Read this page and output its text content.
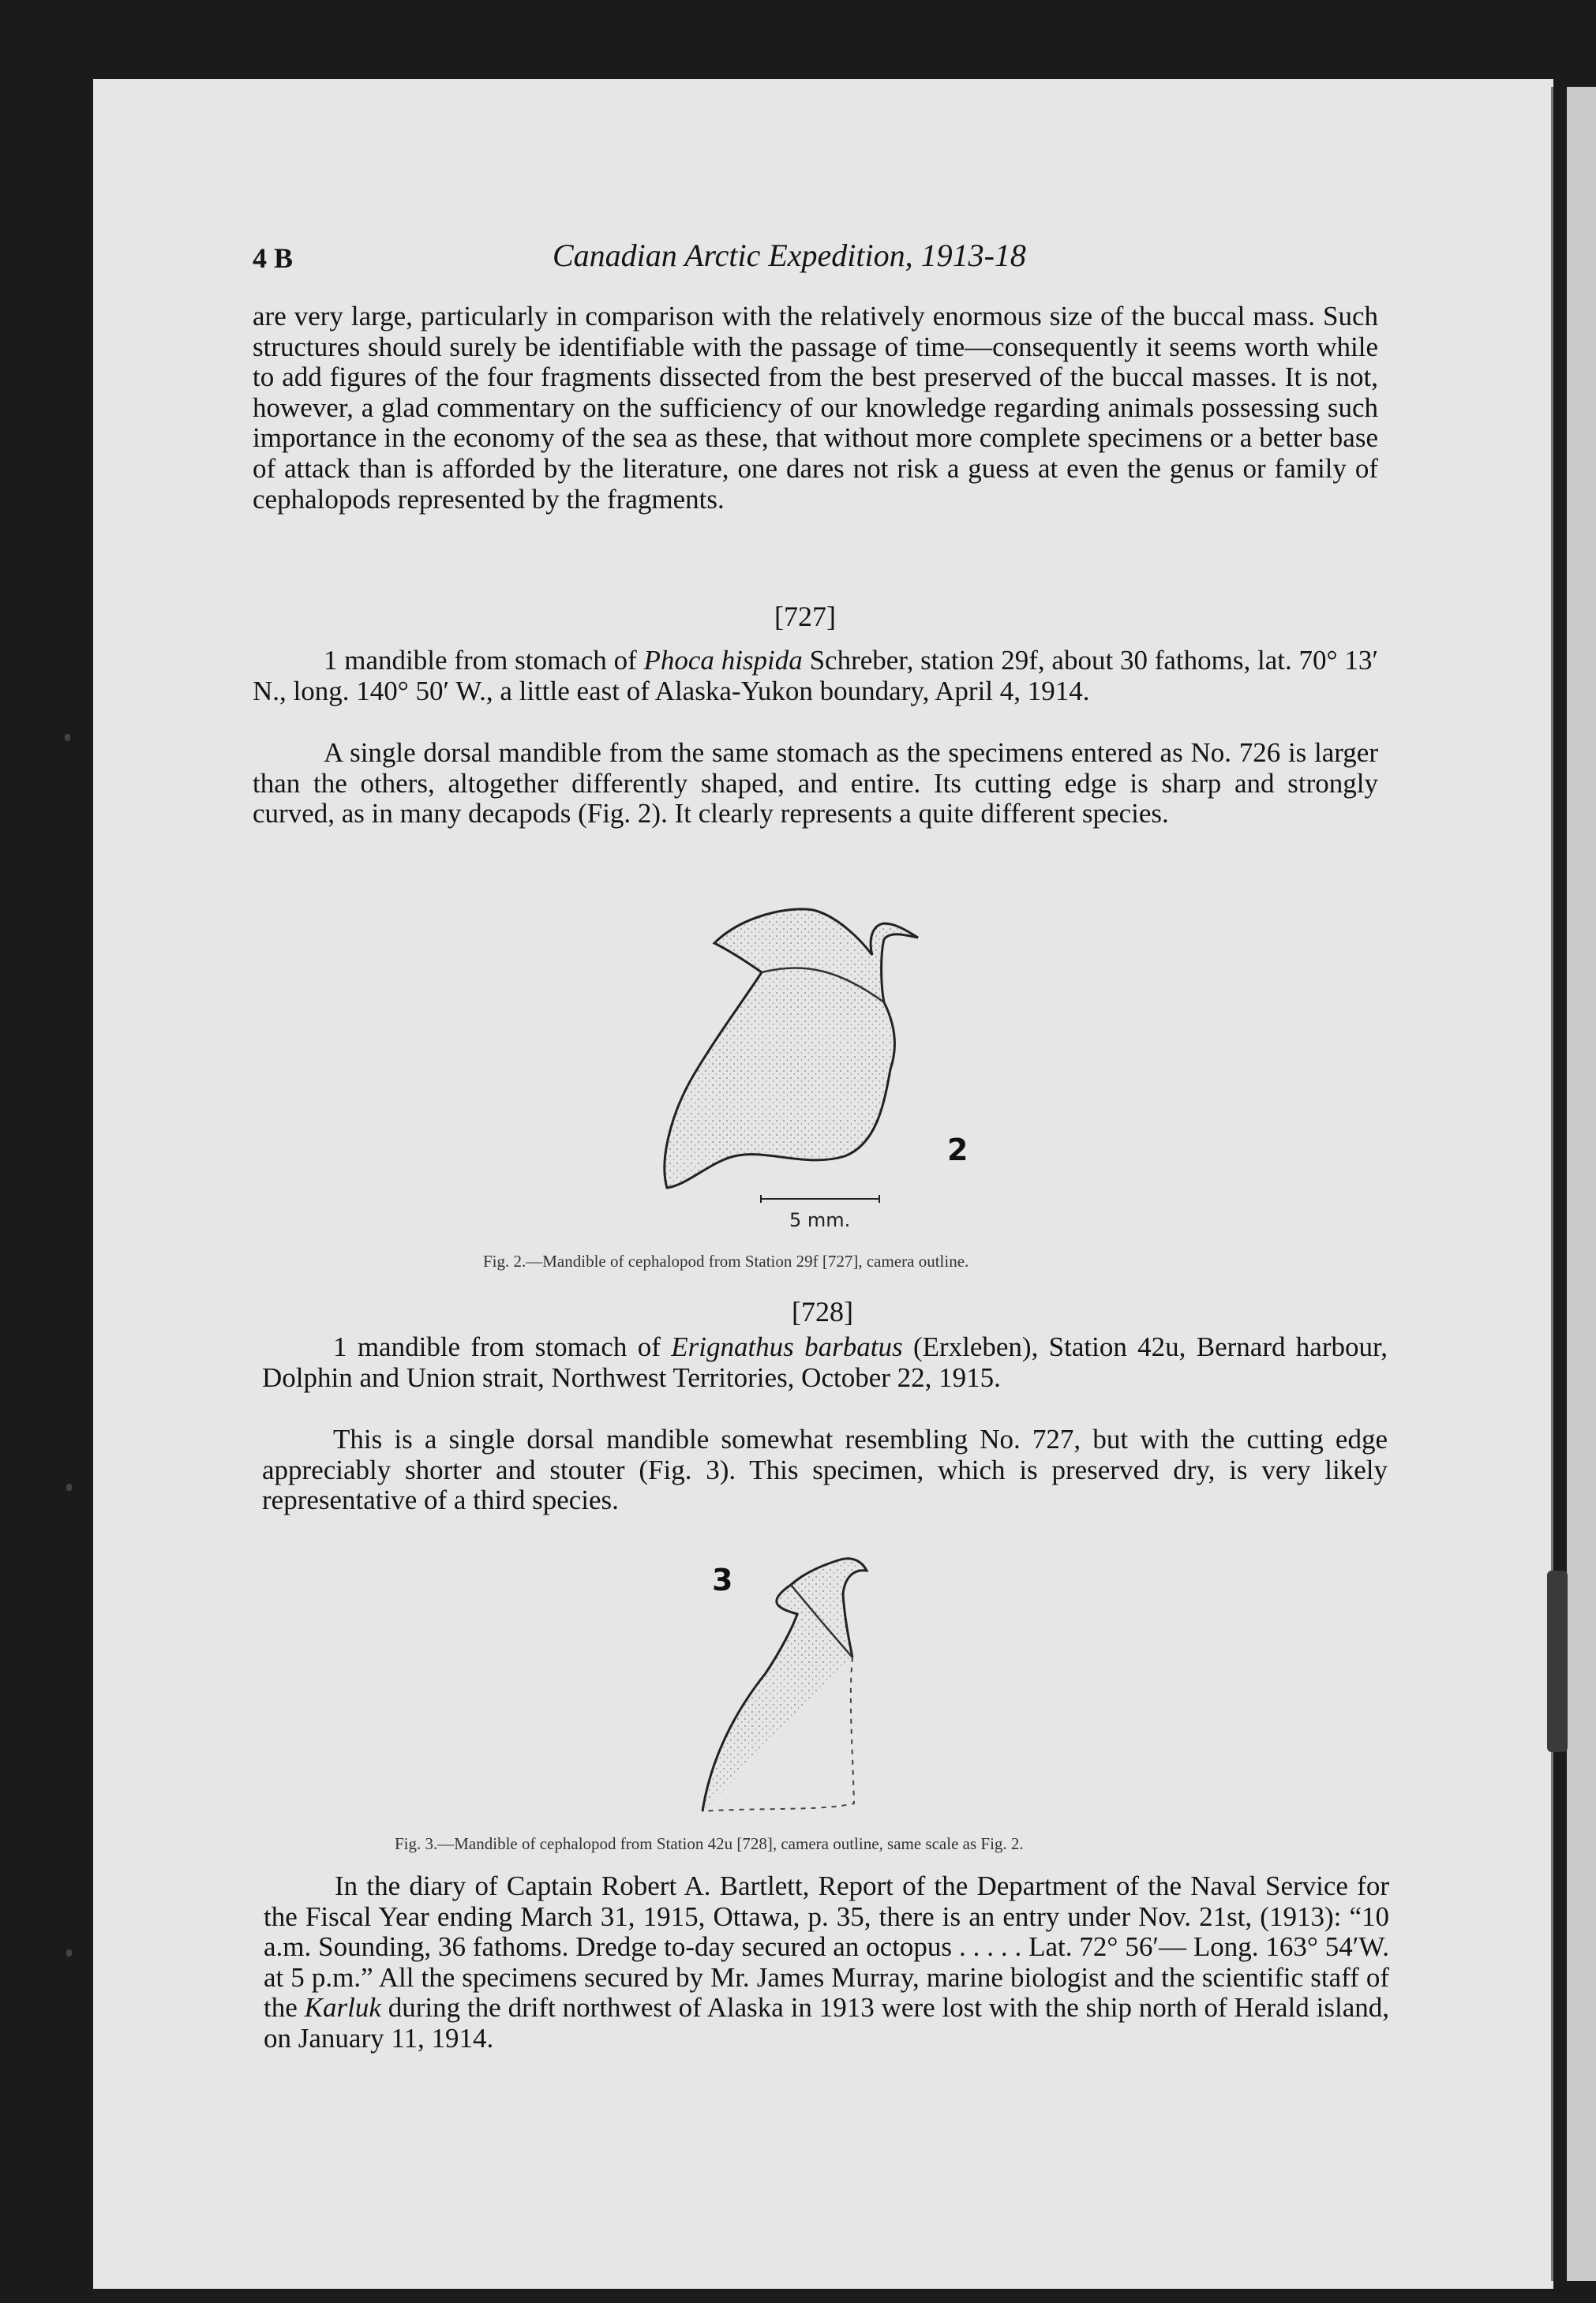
4 B	Canadian Arctic Expedition, 1913-18

are very large, particularly in comparison with the relatively enormous size of the buccal mass. Such structures should surely be identifiable with the passage of time—consequently it seems worth while to add figures of the four fragments dissected from the best preserved of the buccal masses. It is not, however, a glad commentary on the sufficiency of our knowledge regarding animals possessing such importance in the economy of the sea as these, that without more complete specimens or a better base of attack than is afforded by the literature, one dares not risk a guess at even the genus or family of cephalopods represented by the fragments.

[727]

1 mandible from stomach of Phoca hispida Schreber, station 29f, about 30 fathoms, lat. 70° 13′ N., long. 140° 50′ W., a little east of Alaska-Yukon boundary, April 4, 1914.

A single dorsal mandible from the same stomach as the specimens entered as No. 726 is larger than the others, altogether differently shaped, and entire. Its cutting edge is sharp and strongly curved, as in many decapods (Fig. 2). It clearly represents a quite different species.

2
5 mm.
Fig. 2.—Mandible of cephalopod from Station 29f [727], camera outline.
[728]

1 mandible from stomach of Erignathus barbatus (Erxleben), Station 42u, Bernard harbour, Dolphin and Union strait, Northwest Territories, October 22, 1915.

This is a single dorsal mandible somewhat resembling No. 727, but with the cutting edge appreciably shorter and stouter (Fig. 3). This specimen, which is preserved dry, is very likely representative of a third species.

3
Fig. 3.—Mandible of cephalopod from Station 42u [728], camera outline, same scale as Fig. 2.

In the diary of Captain Robert A. Bartlett, Report of the Department of the Naval Service for the Fiscal Year ending March 31, 1915, Ottawa, p. 35, there is an entry under Nov. 21st, (1913): “10 a.m. Sounding, 36 fathoms. Dredge to-day secured an octopus . . . . . Lat. 72° 56′— Long. 163° 54′W. at 5 p.m.” All the specimens secured by Mr. James Murray, marine biologist and the scientific staff of the Karluk during the drift northwest of Alaska in 1913 were lost with the ship north of Herald island, on January 11, 1914.
